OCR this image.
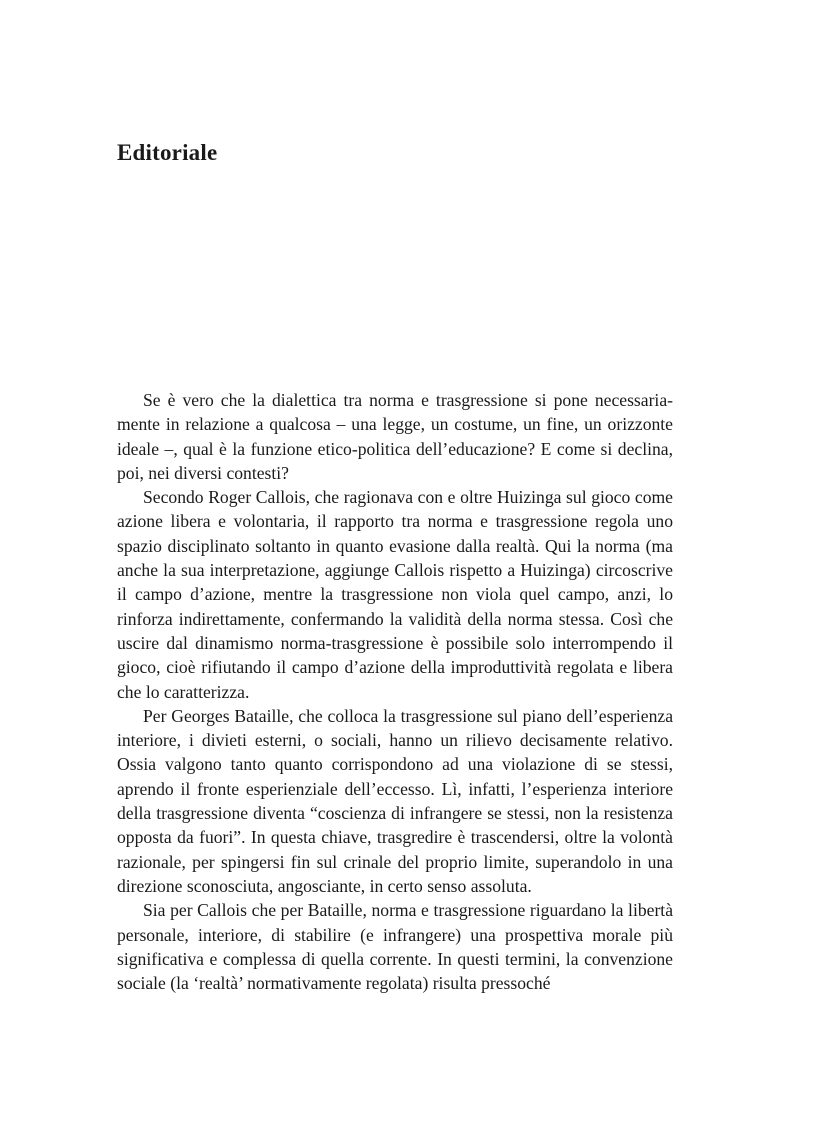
Editoriale

Se è vero che la dialettica tra norma e trasgressione si pone necessariamente in relazione a qualcosa – una legge, un costume, un fine, un orizzonte ideale –, qual è la funzione etico-politica dell’educazione? E come si declina, poi, nei diversi contesti?

Secondo Roger Callois, che ragionava con e oltre Huizinga sul gioco come azione libera e volontaria, il rapporto tra norma e trasgressione regola uno spazio disciplinato soltanto in quanto evasione dalla realtà. Qui la norma (ma anche la sua interpretazione, aggiunge Callois rispetto a Huizinga) circoscrive il campo d’azione, mentre la trasgressione non viola quel campo, anzi, lo rinforza indirettamente, confermando la validità della norma stessa. Così che uscire dal dinamismo norma-trasgressione è possibile solo interrompendo il gioco, cioè rifiutando il campo d’azione della improduttività regolata e libera che lo caratterizza.

Per Georges Bataille, che colloca la trasgressione sul piano dell’esperienza interiore, i divieti esterni, o sociali, hanno un rilievo decisamente relativo. Ossia valgono tanto quanto corrispondono ad una violazione di se stessi, aprendo il fronte esperienziale dell’eccesso. Lì, infatti, l’esperienza interiore della trasgressione diventa “coscienza di infrangere se stessi, non la resistenza opposta da fuori”. In questa chiave, trasgredire è trascendersi, oltre la volontà razionale, per spingersi fin sul crinale del proprio limite, superandolo in una direzione sconosciuta, angosciante, in certo senso assoluta.

Sia per Callois che per Bataille, norma e trasgressione riguardano la libertà personale, interiore, di stabilire (e infrangere) una prospettiva morale più significativa e complessa di quella corrente. In questi termini, la convenzione sociale (la ‘realtà’ normativamente regolata) risulta pressoché
